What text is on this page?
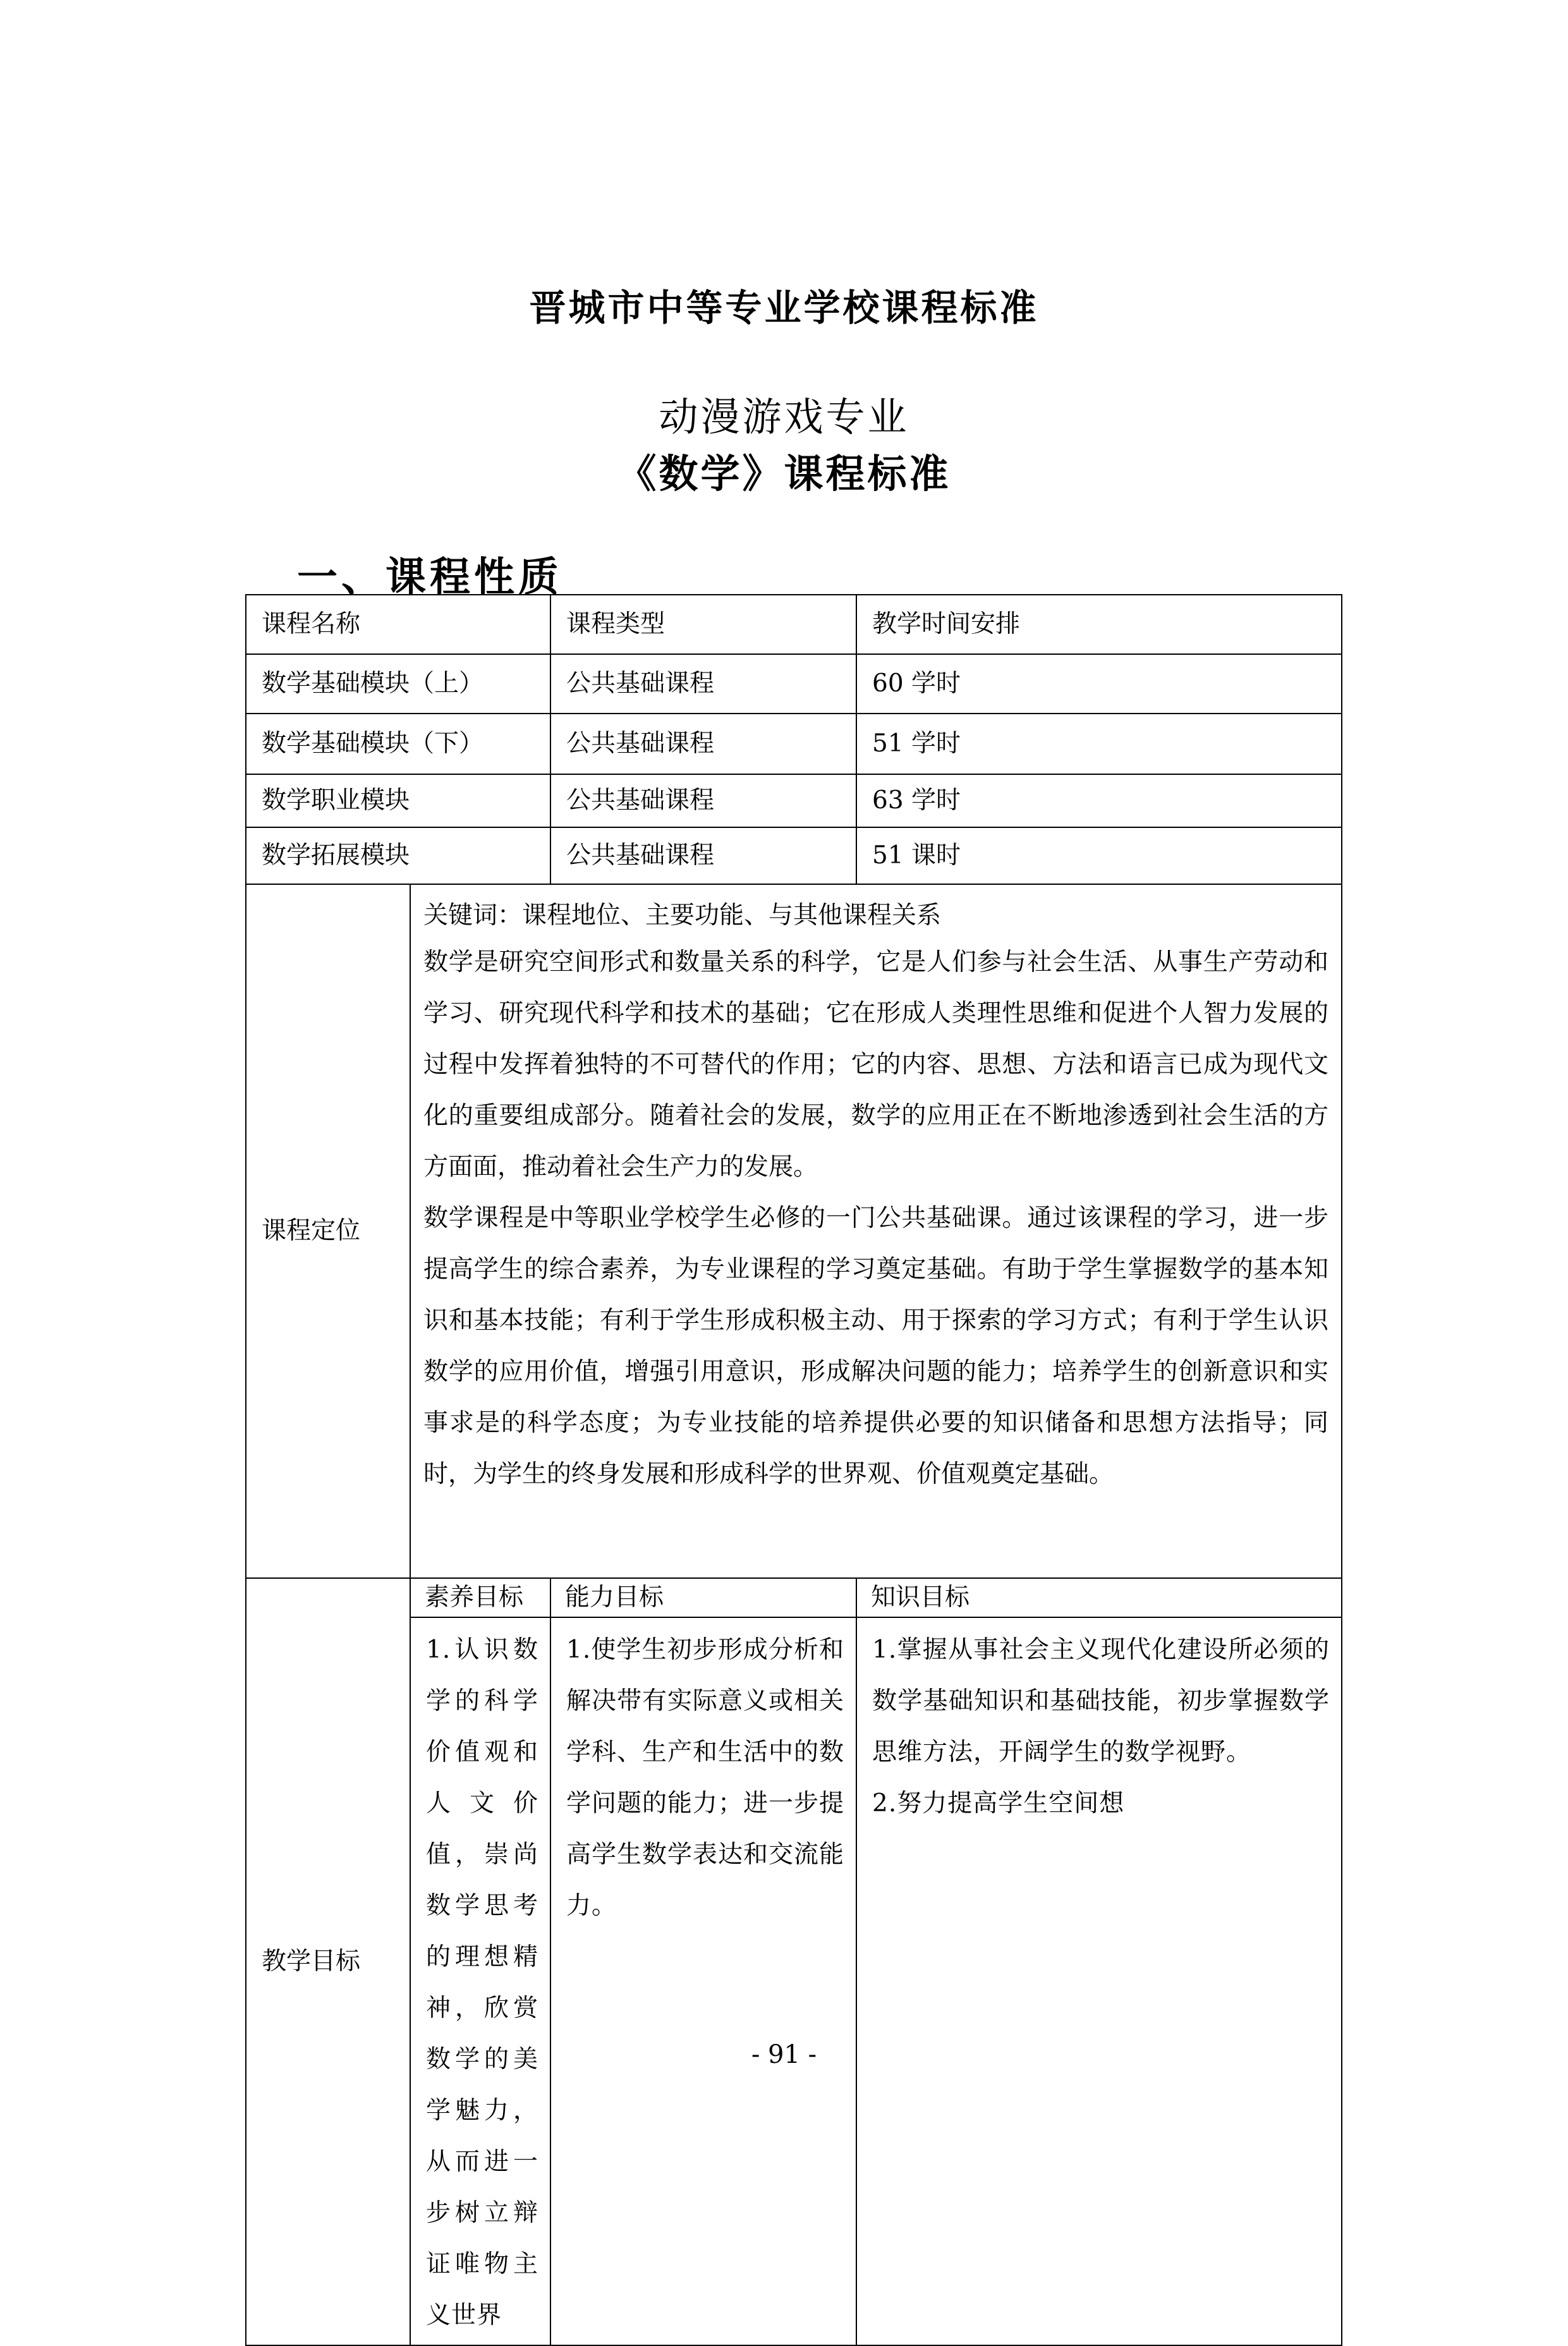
晋城市中等专业学校课程标准
动漫游戏专业
《数学》课程标准
一、课程性质
课程名称		课程类型	教学时间安排
数学基础模块（上）		公共基础课程	60 学时
数学基础模块（下）		公共基础课程	51 学时
数学职业模块		公共基础课程	63 学时
数学拓展模块		公共基础课程	51 课时
课程定位	关键词：课程地位、主要功能、与其他课程关系

数学是研究空间形式和数量关系的科学，它是人们参与社会生活、从事生产劳动和学习、研究现代科学和技术的基础；它在形成人类理性思维和促进个人智力发展的过程中发挥着独特的不可替代的作用；它的内容、思想、方法和语言已成为现代文化的重要组成部分。随着社会的发展，数学的应用正在不断地渗透到社会生活的方方面面，推动着社会生产力的发展。

数学课程是中等职业学校学生必修的一门公共基础课。通过该课程的学习，进一步提高学生的综合素养，为专业课程的学习奠定基础。有助于学生掌握数学的基本知识和基本技能；有利于学生形成积极主动、用于探索的学习方式；有利于学生认识数学的应用价值，增强引用意识，形成解决问题的能力；培养学生的创新意识和实事求是的科学态度；为专业技能的培养提供必要的知识储备和思想方法指导；同时，为学生的终身发展和形成科学的世界观、价值观奠定基础。		

教学目标	素养目标	能力目标	知识目标

	1.认识数学的科学价值观和人文价值，崇尚数学思考的理想精神，欣赏数学的美学魅力，从而进一步树立辩证唯物主义世界	1.使学生初步形成分析和解决带有实际意义或相关学科、生产和生活中的数学问题的能力；进一步提高学生数学表达和交流能力。	1.掌握从事社会主义现代化建设所必须的数学基础知识和基础技能，初步掌握数学思维方法，开阔学生的数学视野。

2.努力提高学生空间想

- 91 -
